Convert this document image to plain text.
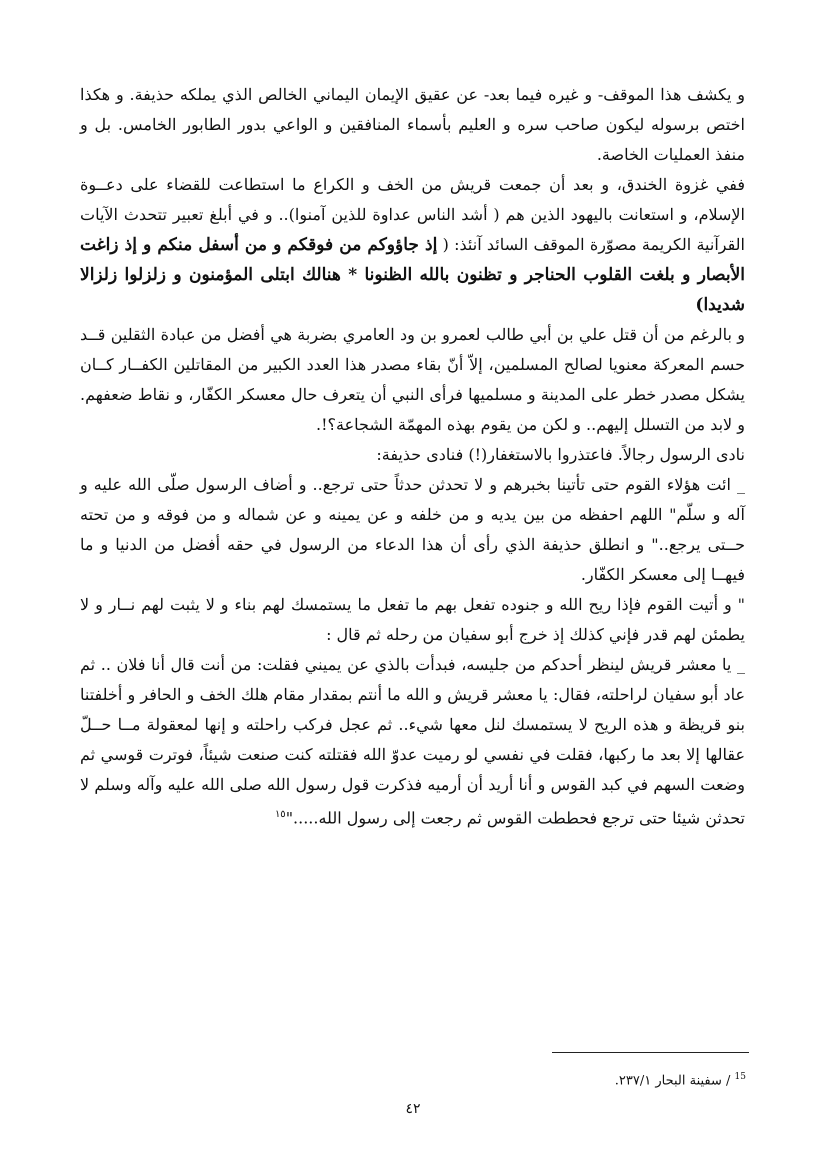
و يكشف هذا الموقف- و غيره فيما بعد- عن عقيق الإيمان اليماني الخالص الذي يملكه حذيفة. و هكذا اختص برسوله ليكون صاحب سره و العليم بأسماء المنافقين و الواعي بدور الطابور الخامس. بل و منفذ العمليات الخاصة.

ففي غزوة الخندق، و بعد أن جمعت قريش من الخف و الكراع ما استطاعت للقضاء على دعــوة الإسلام، و استعانت باليهود الذين هم ( أشد الناس عداوة للذين آمنوا).. و في أبلغ تعبير تتحدث الآيات القرآنية الكريمة مصوّرة الموقف السائد آنئذ: ( إذ جاؤوكم من فوقكم و من أسفل منكم و إذ زاغت الأبصار و بلغت القلوب الحناجر و تظنون بالله الظنونا * هنالك ابتلى المؤمنون و زلزلوا زلزالا شديدا)

و بالرغم من أن قتل علي بن أبي طالب لعمرو بن ود العامري بضربة هي أفضل من عبادة الثقلين قــد حسم المعركة معنويا لصالح المسلمين، إلاّ أنّ بقاء مصدر هذا العدد الكبير من المقاتلين الكفــار كــان يشكل مصدر خطر على المدينة و مسلميها فرأى النبي أن يتعرف حال معسكر الكفّار، و نقاط ضعفهم. و لابد من التسلل إليهم.. و لكن من يقوم بهذه المهمّة الشجاعة؟!.

نادى الرسول رجالاً. فاعتذروا بالاستغفار(!) فنادى حذيفة:

_ ائت هؤلاء القوم حتى تأتينا بخبرهم و لا تحدثن حدثاً حتى ترجع.. و أضاف الرسول صلّى الله عليه و آله و سلّم" اللهم احفظه من بين يديه و من خلفه و عن يمينه و عن شماله و من فوقه و من تحته حــتى يرجع.." و انطلق حذيفة الذي رأى أن هذا الدعاء من الرسول في حقه أفضل من الدنيا و ما فيهــا إلى معسكر الكفّار.

" و أتيت القوم فإذا ريح الله و جنوده تفعل بهم ما تفعل ما يستمسك لهم بناء و لا يثبت لهم نــار و لا يطمئن لهم قدر فإني كذلك إذ خرج أبو سفيان من رحله ثم قال :

_ يا معشر قريش لينظر أحدكم من جليسه، فبدأت بالذي عن يميني فقلت: من أنت قال أنا فلان .. ثم عاد أبو سفيان لراحلته، فقال: يا معشر قريش و الله ما أنتم بمقدار مقام هلك الخف و الحافر و أخلفتنا بنو قريظة و هذه الريح لا يستمسك لنل معها شيء.. ثم عجل فركب راحلته و إنها لمعقولة مــا حــلّ عقالها إلا بعد ما ركبها، فقلت في نفسي لو رميت عدوّ الله فقتلته كنت صنعت شيئاً، فوترت قوسي ثم وضعت السهم في كبد القوس و أنا أريد أن أرميه فذكرت قول رسول الله صلى الله عليه وآله وسلم لا تحدثن شيئا حتى ترجع فحططت القوس ثم رجعت إلى رسول الله....."$^{١٥}$

$^{15}$ / سفينة البحار ٢٣٧/١.
٤٢
